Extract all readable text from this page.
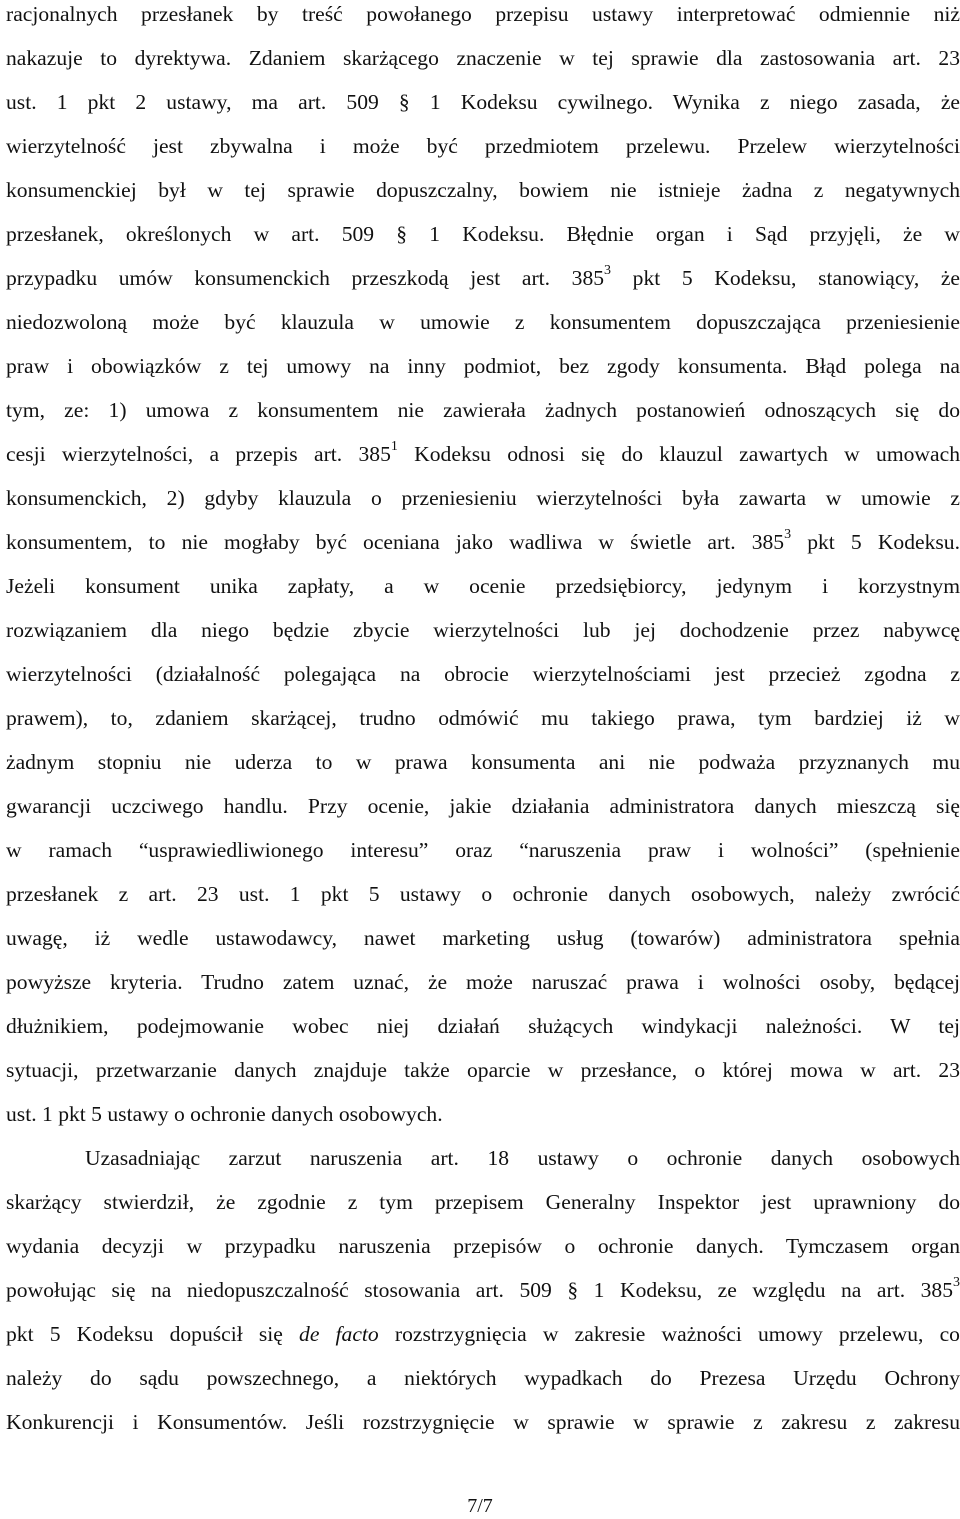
racjonalnych przesłanek by treść powołanego przepisu ustawy interpretować odmiennie niż
nakazuje to dyrektywa. Zdaniem skarżącego znaczenie w tej sprawie dla zastosowania art. 23
ust. 1 pkt 2 ustawy, ma art. 509 § 1 Kodeksu cywilnego. Wynika z niego zasada, że
wierzytelność jest zbywalna i może być przedmiotem przelewu. Przelew wierzytelności
konsumenckiej był w tej sprawie dopuszczalny, bowiem nie istnieje żadna z negatywnych
przesłanek, określonych w art. 509 § 1 Kodeksu. Błędnie organ i Sąd przyjęli, że w
przypadku umów konsumenckich przeszkodą jest art. $385^3$ pkt 5 Kodeksu, stanowiący, że
niedozwoloną może być klauzula w umowie z konsumentem dopuszczająca przeniesienie
praw i obowiązków z tej umowy na inny podmiot, bez zgody konsumenta. Błąd polega na
tym, ze: 1) umowa z konsumentem nie zawierała żadnych postanowień odnoszących się do
cesji wierzytelności, a przepis art. $385^1$ Kodeksu odnosi się do klauzul zawartych w umowach
konsumenckich, 2) gdyby klauzula o przeniesieniu wierzytelności była zawarta w umowie z
konsumentem, to nie mogłaby być oceniana jako wadliwa w świetle art. $385^3$ pkt 5 Kodeksu.
Jeżeli konsument unika zapłaty, a w ocenie przedsiębiorcy, jedynym i korzystnym
rozwiązaniem dla niego będzie zbycie wierzytelności lub jej dochodzenie przez nabywcę
wierzytelności (działalność polegająca na obrocie wierzytelnościami jest przecież zgodna z
prawem), to, zdaniem skarżącej, trudno odmówić mu takiego prawa, tym bardziej iż w
żadnym stopniu nie uderza to w prawa konsumenta ani nie podważa przyznanych mu
gwarancji uczciwego handlu. Przy ocenie, jakie działania administratora danych mieszczą się
w ramach “usprawiedliwionego interesu” oraz “naruszenia praw i wolności” (spełnienie
przesłanek z art. 23 ust. 1 pkt 5 ustawy o ochronie danych osobowych, należy zwrócić
uwagę, iż wedle ustawodawcy, nawet marketing usług (towarów) administratora spełnia
powyższe kryteria. Trudno zatem uznać, że może naruszać prawa i wolności osoby, będącej
dłużnikiem, podejmowanie wobec niej działań służących windykacji należności. W tej
sytuacji, przetwarzanie danych znajduje także oparcie w przesłance, o której mowa w art. 23
ust. 1 pkt 5 ustawy o ochronie danych osobowych.
Uzasadniając zarzut naruszenia art. 18 ustawy o ochronie danych osobowych
skarżący stwierdził, że zgodnie z tym przepisem Generalny Inspektor jest uprawniony do
wydania decyzji w przypadku naruszenia przepisów o ochronie danych. Tymczasem organ
powołując się na niedopuszczalność stosowania art. 509 § 1 Kodeksu, ze względu na art. $385^3$
pkt 5 Kodeksu dopuścił się de facto rozstrzygnięcia w zakresie ważności umowy przelewu, co
należy do sądu powszechnego, a niektórych wypadkach do Prezesa Urzędu Ochrony
Konkurencji i Konsumentów. Jeśli rozstrzygnięcie w sprawie w sprawie z zakresu z zakresu
7/7
